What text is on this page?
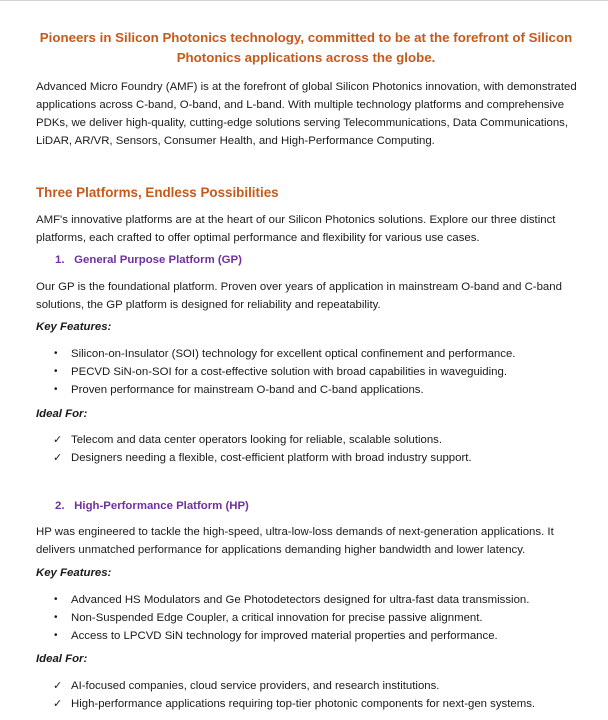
Pioneers in Silicon Photonics technology, committed to be at the forefront of Silicon Photonics applications across the globe.
Advanced Micro Foundry (AMF) is at the forefront of global Silicon Photonics innovation, with demonstrated applications across C-band, O-band, and L-band. With multiple technology platforms and comprehensive PDKs, we deliver high-quality, cutting-edge solutions serving Telecommunications, Data Communications, LiDAR, AR/VR, Sensors, Consumer Health, and High-Performance Computing.
Three Platforms, Endless Possibilities
AMF's innovative platforms are at the heart of our Silicon Photonics solutions. Explore our three distinct platforms, each crafted to offer optimal performance and flexibility for various use cases.
1. General Purpose Platform (GP)
Our GP is the foundational platform. Proven over years of application in mainstream O-band and C-band solutions, the GP platform is designed for reliability and repeatability.
Key Features:
• Silicon-on-Insulator (SOI) technology for excellent optical confinement and performance.
• PECVD SiN-on-SOI for a cost-effective solution with broad capabilities in waveguiding.
• Proven performance for mainstream O-band and C-band applications.
Ideal For:
✓ Telecom and data center operators looking for reliable, scalable solutions.
✓ Designers needing a flexible, cost-efficient platform with broad industry support.
2. High-Performance Platform (HP)
HP was engineered to tackle the high-speed, ultra-low-loss demands of next-generation applications. It delivers unmatched performance for applications demanding higher bandwidth and lower latency.
Key Features:
• Advanced HS Modulators and Ge Photodetectors designed for ultra-fast data transmission.
• Non-Suspended Edge Coupler, a critical innovation for precise passive alignment.
• Access to LPCVD SiN technology for improved material properties and performance.
Ideal For:
✓ AI-focused companies, cloud service providers, and research institutions.
✓ High-performance applications requiring top-tier photonic components for next-gen systems.
